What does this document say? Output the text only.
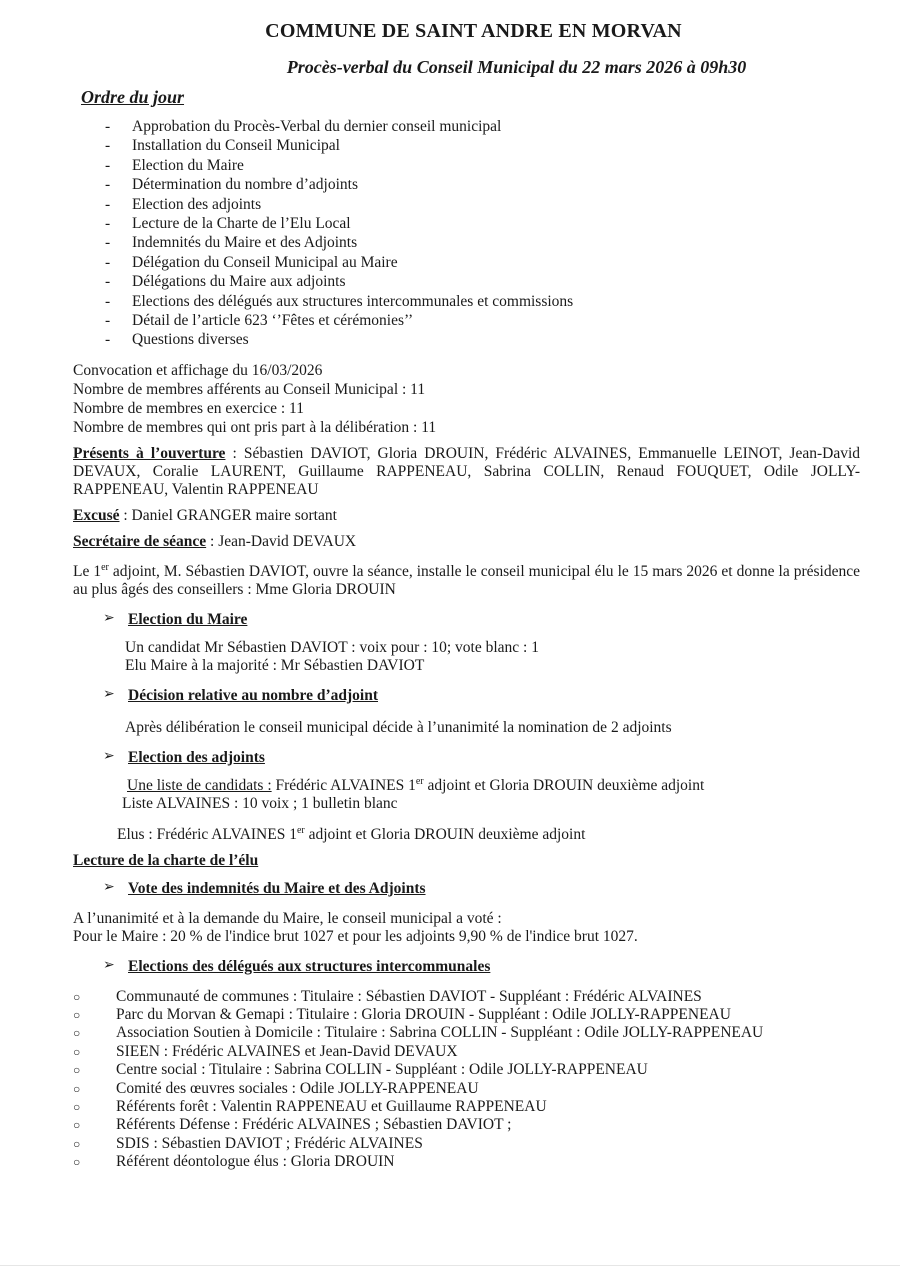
COMMUNE DE SAINT ANDRE EN MORVAN
Procès-verbal du Conseil Municipal du 22 mars 2026 à 09h30
Ordre du jour
- Approbation du Procès-Verbal du dernier conseil municipal
- Installation du Conseil Municipal
- Election du Maire
- Détermination du nombre d’adjoints
- Election des adjoints
- Lecture de la Charte de l’Elu Local
- Indemnités du Maire et des Adjoints
- Délégation du Conseil Municipal au Maire
- Délégations du Maire aux adjoints
- Elections des délégués aux structures intercommunales et commissions
- Détail de l’article 623 ‘’Fêtes et cérémonies’’
- Questions diverses

Convocation et affichage du 16/03/2026

Nombre de membres afférents au Conseil Municipal : 11

Nombre de membres en exercice : 11

Nombre de membres qui ont pris part à la délibération : 11

Présents à l’ouverture : Sébastien DAVIOT, Gloria DROUIN, Frédéric ALVAINES, Emmanuelle LEINOT, Jean-David DEVAUX, Coralie LAURENT, Guillaume RAPPENEAU, Sabrina COLLIN, Renaud FOUQUET, Odile JOLLY-RAPPENEAU, Valentin RAPPENEAU

Excusé : Daniel GRANGER maire sortant

Secrétaire de séance : Jean-David DEVAUX

Le 1er adjoint, M. Sébastien DAVIOT, ouvre la séance, installe le conseil municipal élu le 15 mars 2026 et donne la présidence au plus âgés des conseillers : Mme Gloria DROUIN

➢ Election du Maire

Un candidat Mr Sébastien DAVIOT : voix pour : 10; vote blanc : 1

Elu Maire à la majorité : Mr Sébastien DAVIOT

➢ Décision relative au nombre d’adjoint

Après délibération le conseil municipal décide à l’unanimité la nomination de 2 adjoints

➢ Election des adjoints

Une liste de candidats : Frédéric ALVAINES 1er adjoint et Gloria DROUIN deuxième adjoint

Liste ALVAINES : 10 voix ; 1 bulletin blanc

Elus : Frédéric ALVAINES 1er adjoint et Gloria DROUIN deuxième adjoint

Lecture de la charte de l’élu
➢ Vote des indemnités du Maire et des Adjoints

A l’unanimité et à la demande du Maire, le conseil municipal a voté :

Pour le Maire : 20 % de l'indice brut 1027 et pour les adjoints 9,90 % de l'indice brut 1027.

➢ Elections des délégués aux structures intercommunales
○ Communauté de communes : Titulaire : Sébastien DAVIOT - Suppléant : Frédéric ALVAINES
○ Parc du Morvan & Gemapi : Titulaire : Gloria DROUIN - Suppléant : Odile JOLLY-RAPPENEAU
○ Association Soutien à Domicile : Titulaire : Sabrina COLLIN - Suppléant : Odile JOLLY-RAPPENEAU
○ SIEEN : Frédéric ALVAINES et Jean-David DEVAUX
○ Centre social : Titulaire : Sabrina COLLIN - Suppléant : Odile JOLLY-RAPPENEAU
○ Comité des œuvres sociales : Odile JOLLY-RAPPENEAU
○ Référents forêt : Valentin RAPPENEAU et Guillaume RAPPENEAU
○ Référents Défense : Frédéric ALVAINES ; Sébastien DAVIOT ;
○ SDIS : Sébastien DAVIOT ; Frédéric ALVAINES
○ Référent déontologue élus : Gloria DROUIN
